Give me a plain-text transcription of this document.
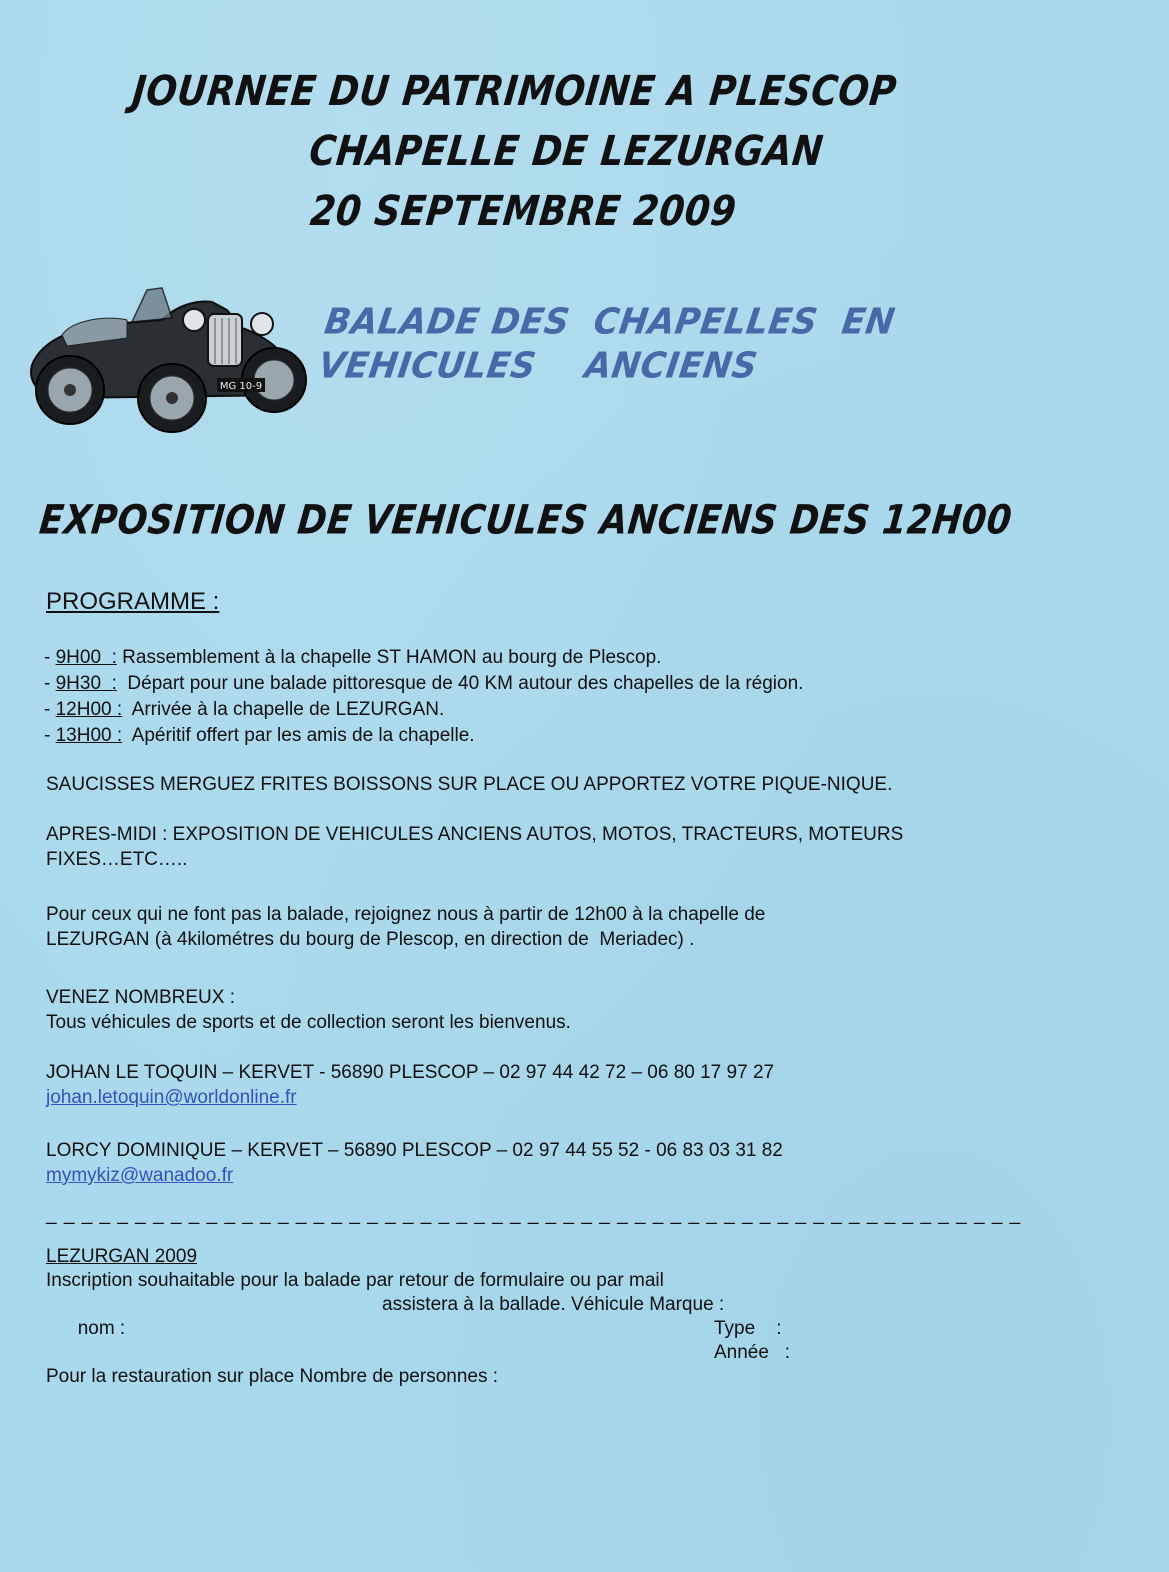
JOURNEE DU PATRIMOINE A PLESCOP
CHAPELLE DE LEZURGAN
20 SEPTEMBRE 2009
MG 10-9
BALADE DES  CHAPELLES  EN
VEHICULES    ANCIENS
EXPOSITION DE VEHICULES ANCIENS DES 12H00
PROGRAMME :
- 9H00  : Rassemblement à la chapelle ST HAMON au bourg de Plescop.
- 9H30  :  Départ pour une balade pittoresque de 40 KM autour des chapelles de la région.
- 12H00 :  Arrivée à la chapelle de LEZURGAN.
- 13H00 :  Apéritif offert par les amis de la chapelle.
SAUCISSES MERGUEZ FRITES BOISSONS SUR PLACE OU APPORTEZ VOTRE PIQUE-NIQUE.
APRES-MIDI : EXPOSITION DE VEHICULES ANCIENS AUTOS, MOTOS, TRACTEURS, MOTEURS
FIXES…ETC…..
Pour ceux qui ne font pas la balade, rejoignez nous à partir de 12h00 à la chapelle de
LEZURGAN (à 4kilométres du bourg de Plescop, en direction de  Meriadec) .
VENEZ NOMBREUX :
Tous véhicules de sports et de collection seront les bienvenus.
JOHAN LE TOQUIN – KERVET - 56890 PLESCOP – 02 97 44 42 72 – 06 80 17 97 27
johan.letoquin@worldonline.fr
LORCY DOMINIQUE – KERVET – 56890 PLESCOP – 02 97 44 55 52 - 06 83 03 31 82
mymykiz@wanadoo.fr
_ _ _ _ _ _ _ _ _ _ _ _ _ _ _ _ _ _ _ _ _ _ _ _ _ _ _ _ _ _ _ _ _ _ _ _ _ _ _ _ _ _ _ _ _ _ _ _ _ _ _ _ _ _ _
LEZURGAN 2009
Inscription souhaitable pour la balade par retour de formulaire ou par mail

nom :

assistera à la ballade. Véhicule Marque :

Type    :

Année   :

Pour la restauration sur place Nombre de personnes :
